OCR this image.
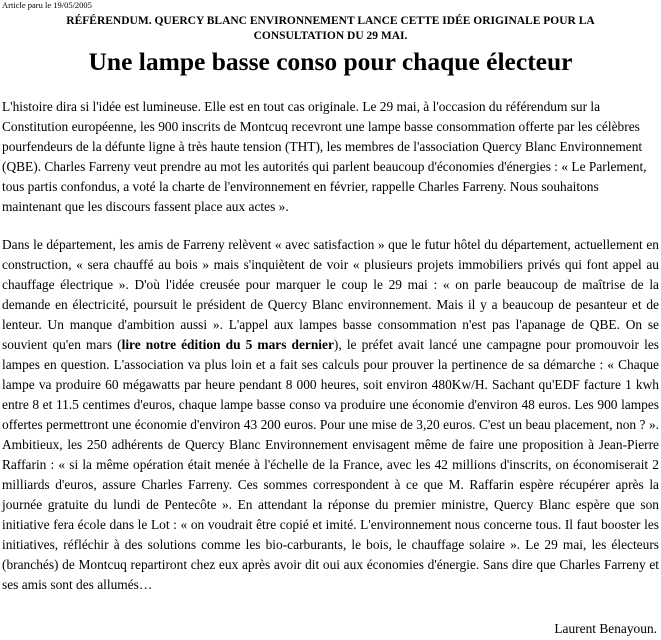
Article paru le 19/05/2005
RÉFÉRENDUM. QUERCY BLANC ENVIRONNEMENT LANCE CETTE IDÉE ORIGINALE POUR LA
CONSULTATION DU 29 MAI.
Une lampe basse conso pour chaque électeur

L'histoire dira si l'idée est lumineuse. Elle est en tout cas originale. Le 29 mai, à l'occasion du référendum sur la Constitution européenne, les 900 inscrits de Montcuq recevront une lampe basse consommation offerte par les célèbres pourfendeurs de la défunte ligne à très haute tension (THT), les membres de l'association Quercy Blanc Environnement (QBE). Charles Farreny veut prendre au mot les autorités qui parlent beaucoup d'économies d'énergies : « Le Parlement, tous partis confondus, a voté la charte de l'environnement en février, rappelle Charles Farreny. Nous souhaitons maintenant que les discours fassent place aux actes ».

Dans le département, les amis de Farreny relèvent « avec satisfaction » que le futur hôtel du département, actuellement en construction, « sera chauffé au bois » mais s'inquiètent de voir « plusieurs projets immobiliers privés qui font appel au chauffage électrique ». D'où l'idée creusée pour marquer le coup le 29 mai : « on parle beaucoup de maîtrise de la demande en électricité, poursuit le président de Quercy Blanc environnement. Mais il y a beaucoup de pesanteur et de lenteur. Un manque d'ambition aussi ». L'appel aux lampes basse consommation n'est pas l'apanage de QBE. On se souvient qu'en mars (lire notre édition du 5 mars dernier), le préfet avait lancé une campagne pour promouvoir les lampes en question. L'association va plus loin et a fait ses calculs pour prouver la pertinence de sa démarche : « Chaque lampe va produire 60 mégawatts par heure pendant 8 000 heures, soit environ 480Kw/H. Sachant qu'EDF facture 1 kwh entre 8 et 11.5 centimes d'euros, chaque lampe basse conso va produire une économie d'environ 48 euros. Les 900 lampes offertes permettront une économie d'environ 43 200 euros. Pour une mise de 3,20 euros. C'est un beau placement, non ? ». Ambitieux, les 250 adhérents de Quercy Blanc Environnement envisagent même de faire une proposition à Jean-Pierre Raffarin : « si la même opération était menée à l'échelle de la France, avec les 42 millions d'inscrits, on économiserait 2 milliards d'euros, assure Charles Farreny. Ces sommes correspondent à ce que M. Raffarin espère récupérer après la journée gratuite du lundi de Pentecôte ». En attendant la réponse du premier ministre, Quercy Blanc espère que son initiative fera école dans le Lot : « on voudrait être copié et imité. L'environnement nous concerne tous. Il faut booster les initiatives, réfléchir à des solutions comme les bio-carburants, le bois, le chauffage solaire ». Le 29 mai, les électeurs (branchés) de Montcuq repartiront chez eux après avoir dit oui aux économies d'énergie. Sans dire que Charles Farreny et ses amis sont des allumés…

Laurent Benayoun.
